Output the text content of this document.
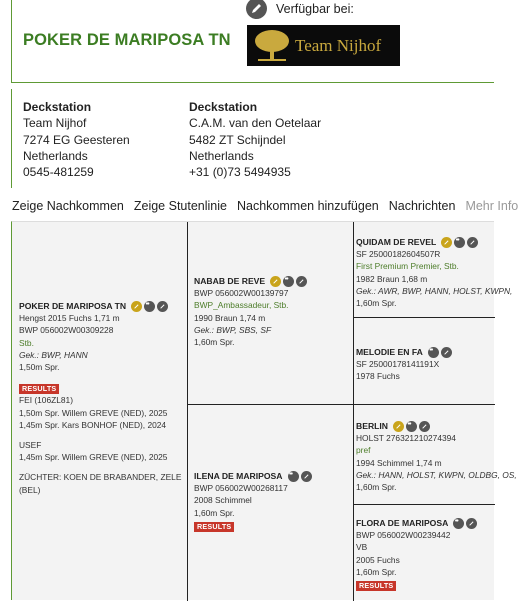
POKER DE MARIPOSA TN
Verfügbar bei:
Team Nijhof
Deckstation
Team Nijhof
7274 EG Geesteren
Netherlands
0545-481259
Deckstation
C.A.M. van den Oetelaar
5482 ZT Schijndel
Netherlands
+31 (0)73 5494935
Zeige Nachkommen Zeige Stutenlinie Nachkommen hinzufügen Nachrichten Mehr Info
POKER DE MARIPOSA TN
••
Hengst 2015 Fuchs 1,71 m
BWP 056002W00309228
Stb.
Gek.: BWP, HANN
1,50m Spr.
RESULTS
FEI (106ZL81)
1,50m Spr. Willem GREVE (NED), 2025
1,45m Spr. Kars BONHOF (NED), 2024
USEF
1,45m Spr. Willem GREVE (NED), 2025
ZÜCHTER: KOEN DE BRABANDER, ZELE
(BEL)
NABAB DE REVE
••
BWP 056002W00139797
BWP_Ambassadeur, Stb.
1990 Braun 1,74 m
Gek.: BWP, SBS, SF
1,60m Spr.
ILENA DE MARIPOSA
••
BWP 056002W00268117
2008 Schimmel
1,60m Spr.
RESULTS
QUIDAM DE REVEL
••
SF 25000182604507R
First Premium Premier, Stb.
1982 Braun 1,68 m
Gek.: AWR, BWP, HANN, HOLST, KWPN,
1,60m Spr.
MELODIE EN FA
••
SF 25000178141191X
1978 Fuchs
BERLIN
••
HOLST 276321210274394
pref
1994 Schimmel 1,74 m
Gek.: HANN, HOLST, KWPN, OLDBG, OS,
1,60m Spr.
FLORA DE MARIPOSA
••
BWP 056002W00239442
VB
2005 Fuchs
1,60m Spr.
RESULTS
